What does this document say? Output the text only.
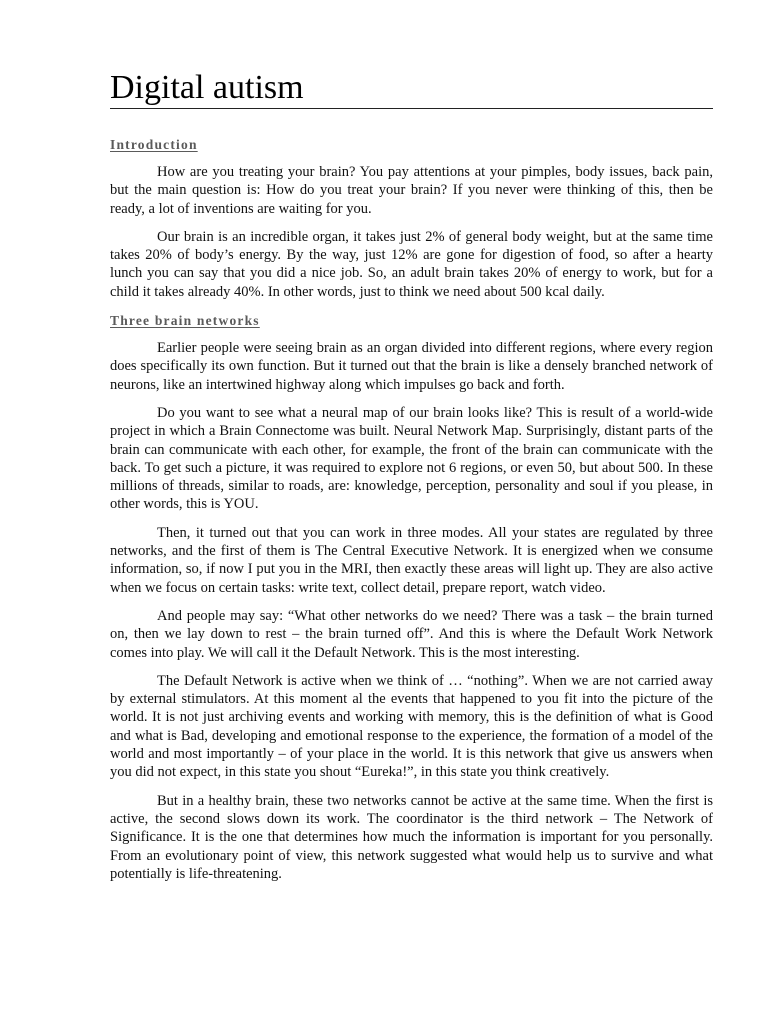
Digital autism
Introduction

How are you treating your brain? You pay attentions at your pimples, body issues, back pain, but the main question is: How do you treat your brain? If you never were thinking of this, then be ready, a lot of inventions are waiting for you.

Our brain is an incredible organ, it takes just 2% of general body weight, but at the same time takes 20% of body’s energy. By the way, just 12% are gone for digestion of food, so after a hearty lunch you can say that you did a nice job. So, an adult brain takes 20% of energy to work, but for a child it takes already 40%. In other words, just to think we need about 500 kcal daily.

Three brain networks

Earlier people were seeing brain as an organ divided into different regions, where every region does specifically its own function. But it turned out that the brain is like a densely branched network of neurons, like an intertwined highway along which impulses go back and forth.

Do you want to see what a neural map of our brain looks like? This is result of a world-wide project in which a Brain Connectome was built. Neural Network Map. Surprisingly, distant parts of the brain can communicate with each other, for example, the front of the brain can communicate with the back. To get such a picture, it was required to explore not 6 regions, or even 50, but about 500. In these millions of threads, similar to roads, are: knowledge, perception, personality and soul if you please, in other words, this is YOU.

Then, it turned out that you can work in three modes. All your states are regulated by three networks, and the first of them is The Central Executive Network. It is energized when we consume information, so, if now I put you in the MRI, then exactly these areas will light up. They are also active when we focus on certain tasks: write text, collect detail, prepare report, watch video.

And people may say: “What other networks do we need? There was a task – the brain turned on, then we lay down to rest – the brain turned off”. And this is where the Default Work Network comes into play. We will call it the Default Network. This is the most interesting.

The Default Network is active when we think of … “nothing”. When we are not carried away by external stimulators. At this moment al the events that happened to you fit into the picture of the world. It is not just archiving events and working with memory, this is the definition of what is Good and what is Bad, developing and emotional response to the experience, the formation of a model of the world and most importantly – of your place in the world. It is this network that give us answers when you did not expect, in this state you shout “Eureka!”, in this state you think creatively.

But in a healthy brain, these two networks cannot be active at the same time. When the first is active, the second slows down its work. The coordinator is the third network – The Network of Significance. It is the one that determines how much the information is important for you personally. From an evolutionary point of view, this network suggested what would help us to survive and what potentially is life-threatening.
